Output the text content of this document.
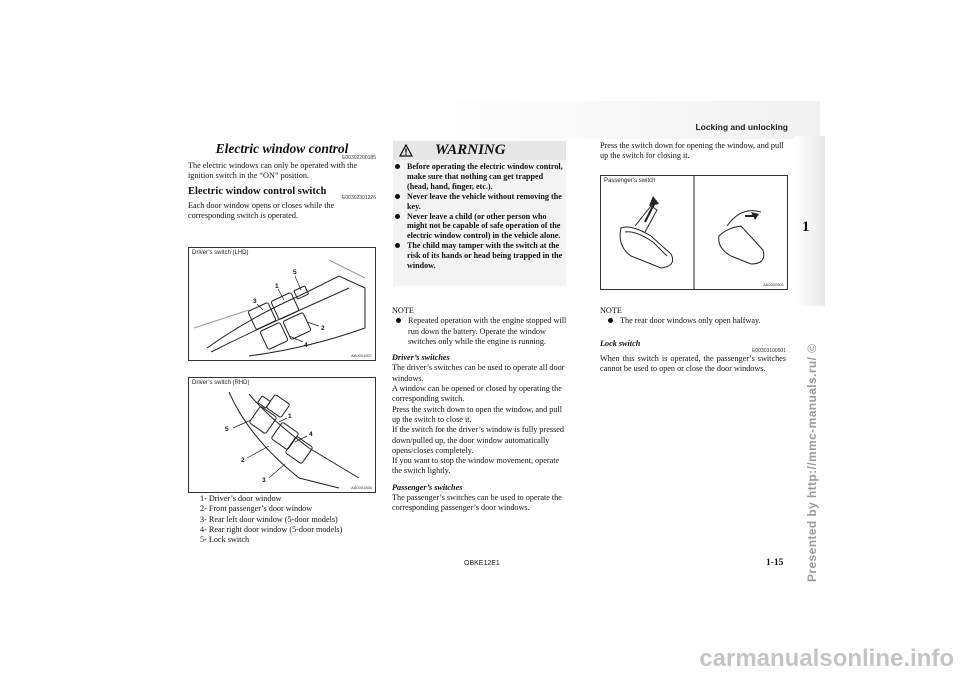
Locking and unlocking
1
Electric window control
E00302200185

The electric windows can only be operated with the ignition switch in the “ON” position.

Electric window control switch
E00302301226

Each door window opens or closes while the corresponding switch is operated.

Driver’s switch (LHD)
5
1
3
2
4
AA0001827
Driver’s switch (RHD)
1
5
4
2
3
AA0001830

1- Driver’s door window

2- Front passenger’s door window

3- Rear left door window (5-door models)

4- Rear right door window (5-door models)

5- Lock switch

WARNING
Before operating the electric window control, make sure that nothing can get trapped (head, hand, finger, etc.).
Never leave the vehicle without removing the key.
Never leave a child (or other person who might not be capable of safe operation of the electric window control) in the vehicle alone.
The child may tamper with the switch at the risk of its hands or head being trapped in the window.
NOTE
Repeated operation with the engine stopped will run down the battery. Operate the window switches only while the engine is running.
Driver’s switches

The driver’s switches can be used to operate all door windows.

A window can be opened or closed by operating the corresponding switch.

Press the switch down to open the window, and pull up the switch to close it.

If the switch for the driver’s window is fully pressed down/pulled up, the door window automatically opens/closes completely.

If you want to stop the window movement, operate the switch lightly.

Passenger’s switches

The passenger’s switches can be used to operate the corresponding passenger’s door windows.

Press the switch down for opening the window, and pull up the switch for closing it.
Passenger’s switch
AA0000501
NOTE
The rear door windows only open halfway.
Lock switch
E00303100501

When this switch is operated, the passenger’s switches cannot be used to open or close the door windows.

OBKE12E1	1-15 Presented by http://mmc-manuals.ru/ ©
carmanualsonline.info
